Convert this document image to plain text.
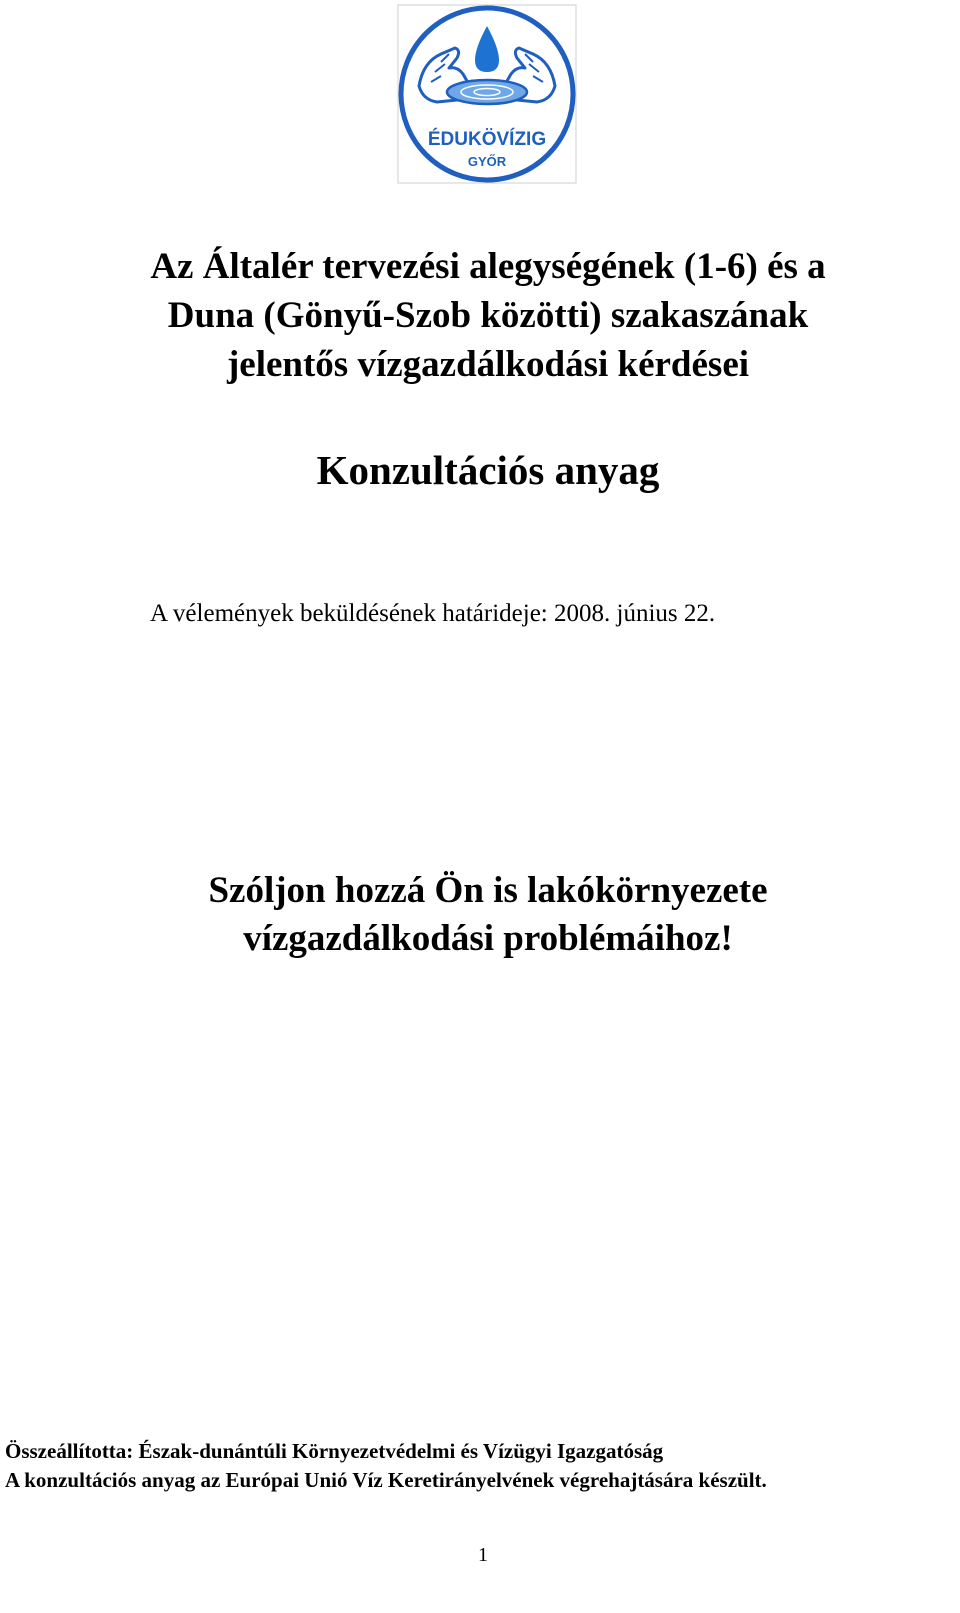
ÉDUKÖVÍZIG
GYŐR
Az Általér tervezési alegységének (1-6) és a
Duna (Gönyű-Szob közötti) szakaszának
jelentős vízgazdálkodási kérdései
Konzultációs anyag
A vélemények beküldésének határideje: 2008. június 22.
Szóljon hozzá Ön is lakókörnyezete
vízgazdálkodási problémáihoz!
Összeállította: Észak-dunántúli Környezetvédelmi és Vízügyi Igazgatóság
A konzultációs anyag az Európai Unió Víz Keretirányelvének végrehajtására készült.
1
